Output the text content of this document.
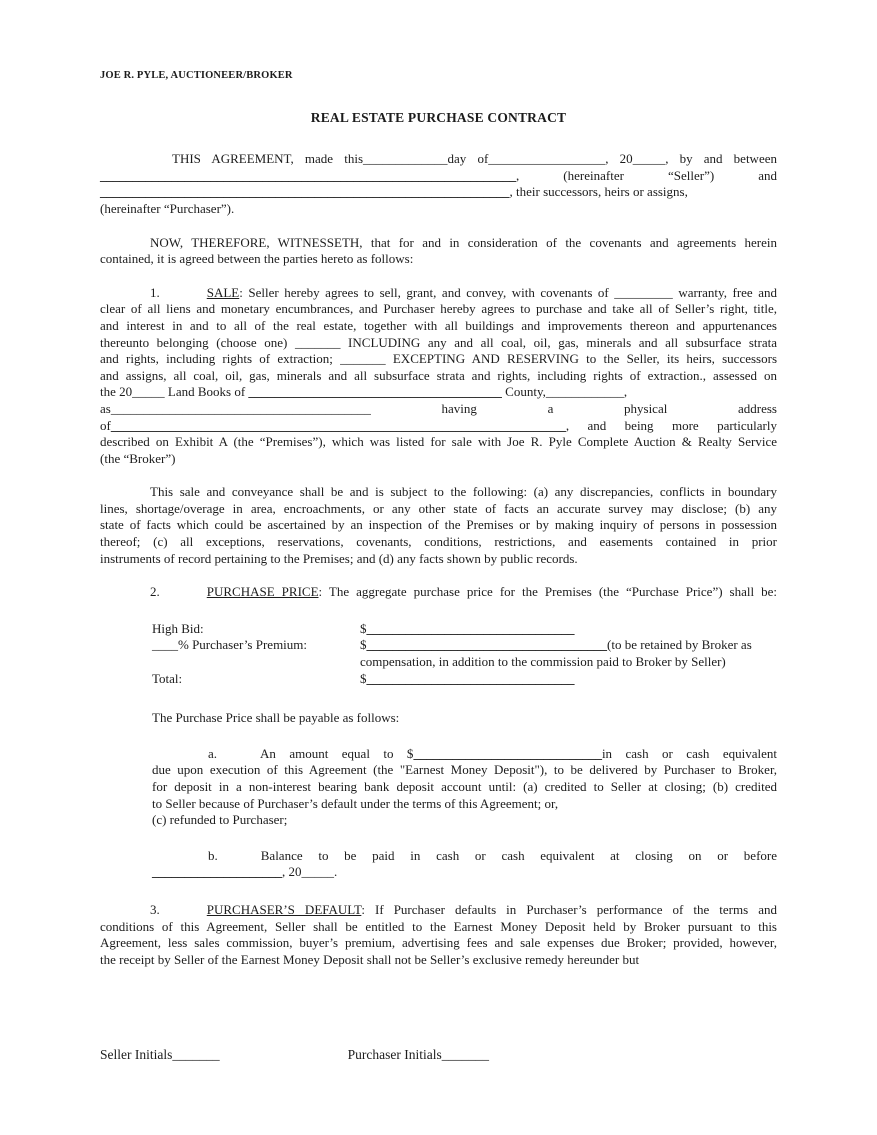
JOE R. PYLE, AUCTIONEER/BROKER
REAL ESTATE PURCHASE CONTRACT
THIS AGREEMENT, made this_____________day of__________________, 20_____, by and between
________________________________________________________________, (hereinafter “Seller”) and
_______________________________________________________________, their successors, heirs or assigns,
(hereinafter “Purchaser”).
NOW, THEREFORE, WITNESSETH, that for and in consideration of the covenants and agreements herein
contained, it is agreed between the parties hereto as follows:
1.	SALE: Seller hereby agrees to sell, grant, and convey, with covenants of _________ warranty, free and
clear of all liens and monetary encumbrances, and Purchaser hereby agrees to purchase and take all of Seller’s right, title,
and interest in and to all of the real estate, together with all buildings and improvements thereon and appurtenances
thereunto belonging (choose one) _______ INCLUDING any and all coal, oil, gas, minerals and all subsurface strata
and rights, including rights of extraction; _______ EXCEPTING AND RESERVING to the Seller, its heirs, successors
and assigns, all coal, oil, gas, minerals and all subsurface strata and rights, including rights of extraction., assessed on
the 20_____ Land Books of _______________________________________ County,____________,
as________________________________________ having a physical address
of______________________________________________________________________, and being more particularly
described on Exhibit A (the “Premises”), which was listed for sale with Joe R. Pyle Complete Auction & Realty Service
(the “Broker”)
This sale and conveyance shall be and is subject to the following: (a) any discrepancies, conflicts in boundary
lines, shortage/overage in area, encroachments, or any other state of facts an accurate survey may disclose; (b) any
state of facts which could be ascertained by an inspection of the Premises or by making inquiry of persons in possession
thereof; (c) all exceptions, reservations, covenants, conditions, restrictions, and easements contained in prior
instruments of record pertaining to the Premises; and (d) any facts shown by public records.
2.	PURCHASE PRICE: The aggregate purchase price for the Premises (the “Purchase Price”) shall be:
High Bid:	$________________________________
____% Purchaser’s Premium:	$_____________________________________(to be retained by Broker as
compensation, in addition to the commission paid to Broker by Seller)
Total:	$________________________________
The Purchase Price shall be payable as follows:
a.	An amount equal to $_____________________________in cash or cash equivalent
due upon execution of this Agreement (the "Earnest Money Deposit"), to be delivered by Purchaser to Broker,
for deposit in a non-interest bearing bank deposit account until: (a) credited to Seller at closing; (b) credited
to Seller because of Purchaser’s default under the terms of this Agreement; or,
(c) refunded to Purchaser;
b.	Balance to be paid in cash or cash equivalent at closing on or before
____________________, 20_____.
3.	PURCHASER’S DEFAULT: If Purchaser defaults in Purchaser’s performance of the terms and
conditions of this Agreement, Seller shall be entitled to the Earnest Money Deposit held by Broker pursuant to this
Agreement, less sales commission, buyer’s premium, advertising fees and sale expenses due Broker; provided, however,
the receipt by Seller of the Earnest Money Deposit shall not be Seller’s exclusive remedy hereunder but
Seller Initials_______	Purchaser Initials_______
